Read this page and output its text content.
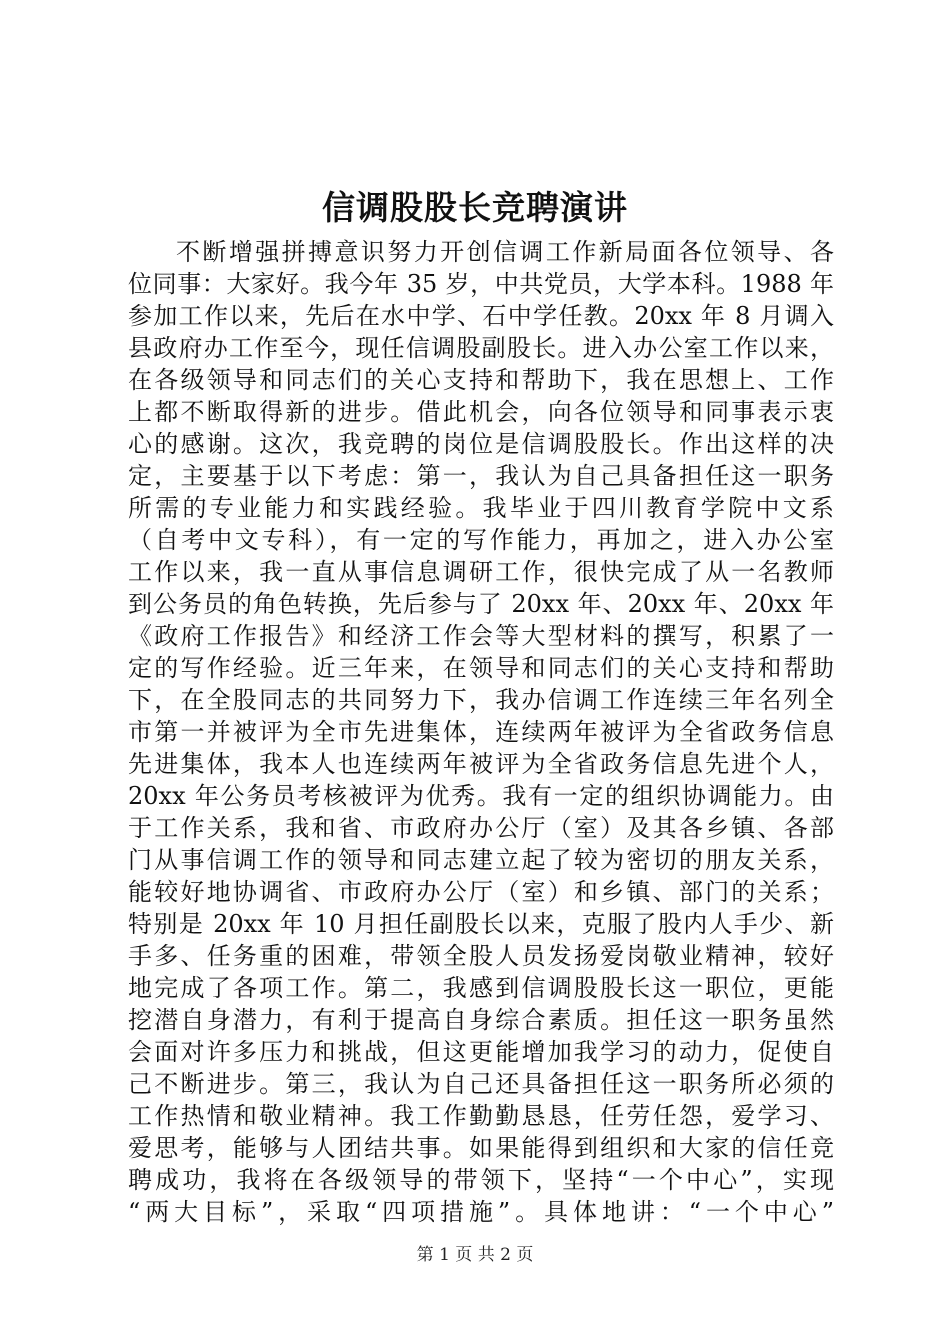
信调股股长竞聘演讲
不断增强拼搏意识努力开创信调工作新局面各位领导、各
位同事：大家好。我今年 35 岁，中共党员，大学本科。1988 年
参加工作以来，先后在水中学、石中学任教。20xx 年 8 月调入
县政府办工作至今，现任信调股副股长。进入办公室工作以来，
在各级领导和同志们的关心支持和帮助下，我在思想上、工作
上都不断取得新的进步。借此机会，向各位领导和同事表示衷
心的感谢。这次，我竞聘的岗位是信调股股长。作出这样的决
定，主要基于以下考虑：第一，我认为自己具备担任这一职务
所需的专业能力和实践经验。我毕业于四川教育学院中文系
（自考中文专科），有一定的写作能力，再加之，进入办公室
工作以来，我一直从事信息调研工作，很快完成了从一名教师
到公务员的角色转换，先后参与了 20xx 年、20xx 年、20xx 年
《政府工作报告》和经济工作会等大型材料的撰写，积累了一
定的写作经验。近三年来，在领导和同志们的关心支持和帮助
下，在全股同志的共同努力下，我办信调工作连续三年名列全
市第一并被评为全市先进集体，连续两年被评为全省政务信息
先进集体，我本人也连续两年被评为全省政务信息先进个人，
20xx 年公务员考核被评为优秀。我有一定的组织协调能力。由
于工作关系，我和省、市政府办公厅（室）及其各乡镇、各部
门从事信调工作的领导和同志建立起了较为密切的朋友关系，
能较好地协调省、市政府办公厅（室）和乡镇、部门的关系；
特别是 20xx 年 10 月担任副股长以来，克服了股内人手少、新
手多、任务重的困难，带领全股人员发扬爱岗敬业精神，较好
地完成了各项工作。第二，我感到信调股股长这一职位，更能
挖潜自身潜力，有利于提高自身综合素质。担任这一职务虽然
会面对许多压力和挑战，但这更能增加我学习的动力，促使自
己不断进步。第三，我认为自己还具备担任这一职务所必须的
工作热情和敬业精神。我工作勤勤恳恳，任劳任怨，爱学习、
爱思考，能够与人团结共事。如果能得到组织和大家的信任竞
聘成功，我将在各级领导的带领下，坚持“一个中心”，实现
“两大目标”，采取“四项措施”。具体地讲：“一个中心”
第 1 页 共 2 页
